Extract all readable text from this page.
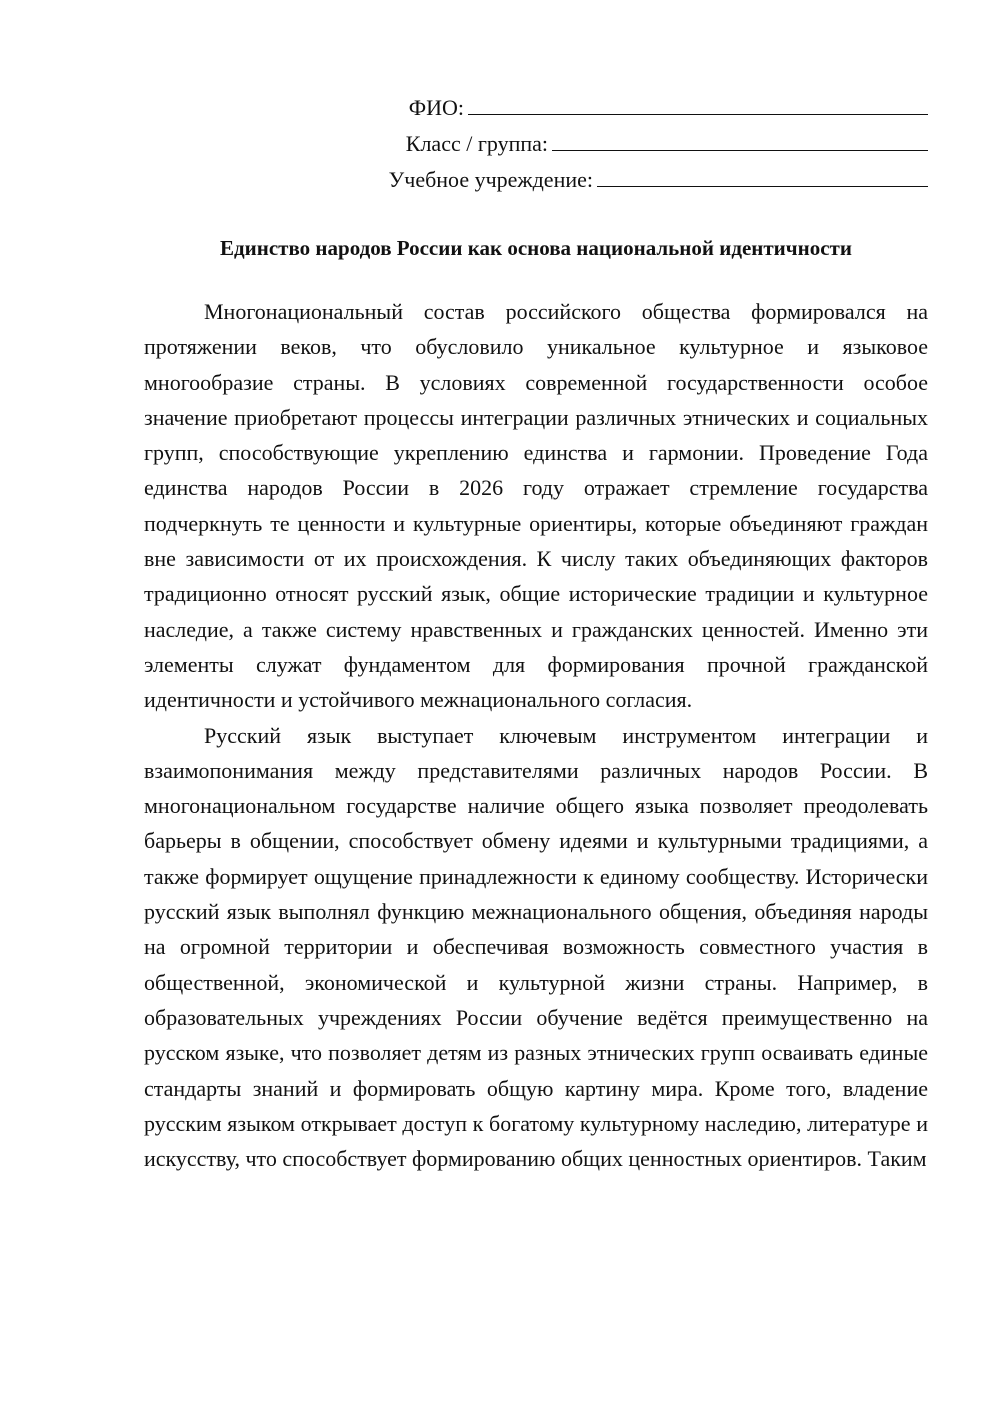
ФИО:
Класс / группа:
Учебное учреждение:
Единство народов России как основа национальной идентичности

Многонациональный состав российского общества формировался на протяжении веков, что обусловило уникальное культурное и языковое многообразие страны. В условиях современной государственности особое значение приобретают процессы интеграции различных этнических и социальных групп, способствующие укреплению единства и гармонии. Проведение Года единства народов России в 2026 году отражает стремление государства подчеркнуть те ценности и культурные ориентиры, которые объединяют граждан вне зависимости от их происхождения. К числу таких объединяющих факторов традиционно относят русский язык, общие исторические традиции и культурное наследие, а также систему нравственных и гражданских ценностей. Именно эти элементы служат фундаментом для формирования прочной гражданской идентичности и устойчивого межнационального согласия.

Русский язык выступает ключевым инструментом интеграции и взаимопонимания между представителями различных народов России. В многонациональном государстве наличие общего языка позволяет преодолевать барьеры в общении, способствует обмену идеями и культурными традициями, а также формирует ощущение принадлежности к единому сообществу. Исторически русский язык выполнял функцию межнационального общения, объединяя народы на огромной территории и обеспечивая возможность совместного участия в общественной, экономической и культурной жизни страны. Например, в образовательных учреждениях России обучение ведётся преимущественно на русском языке, что позволяет детям из разных этнических групп осваивать единые стандарты знаний и формировать общую картину мира. Кроме того, владение русским языком открывает доступ к богатому культурному наследию, литературе и искусству, что способствует формированию общих ценностных ориентиров. Таким
